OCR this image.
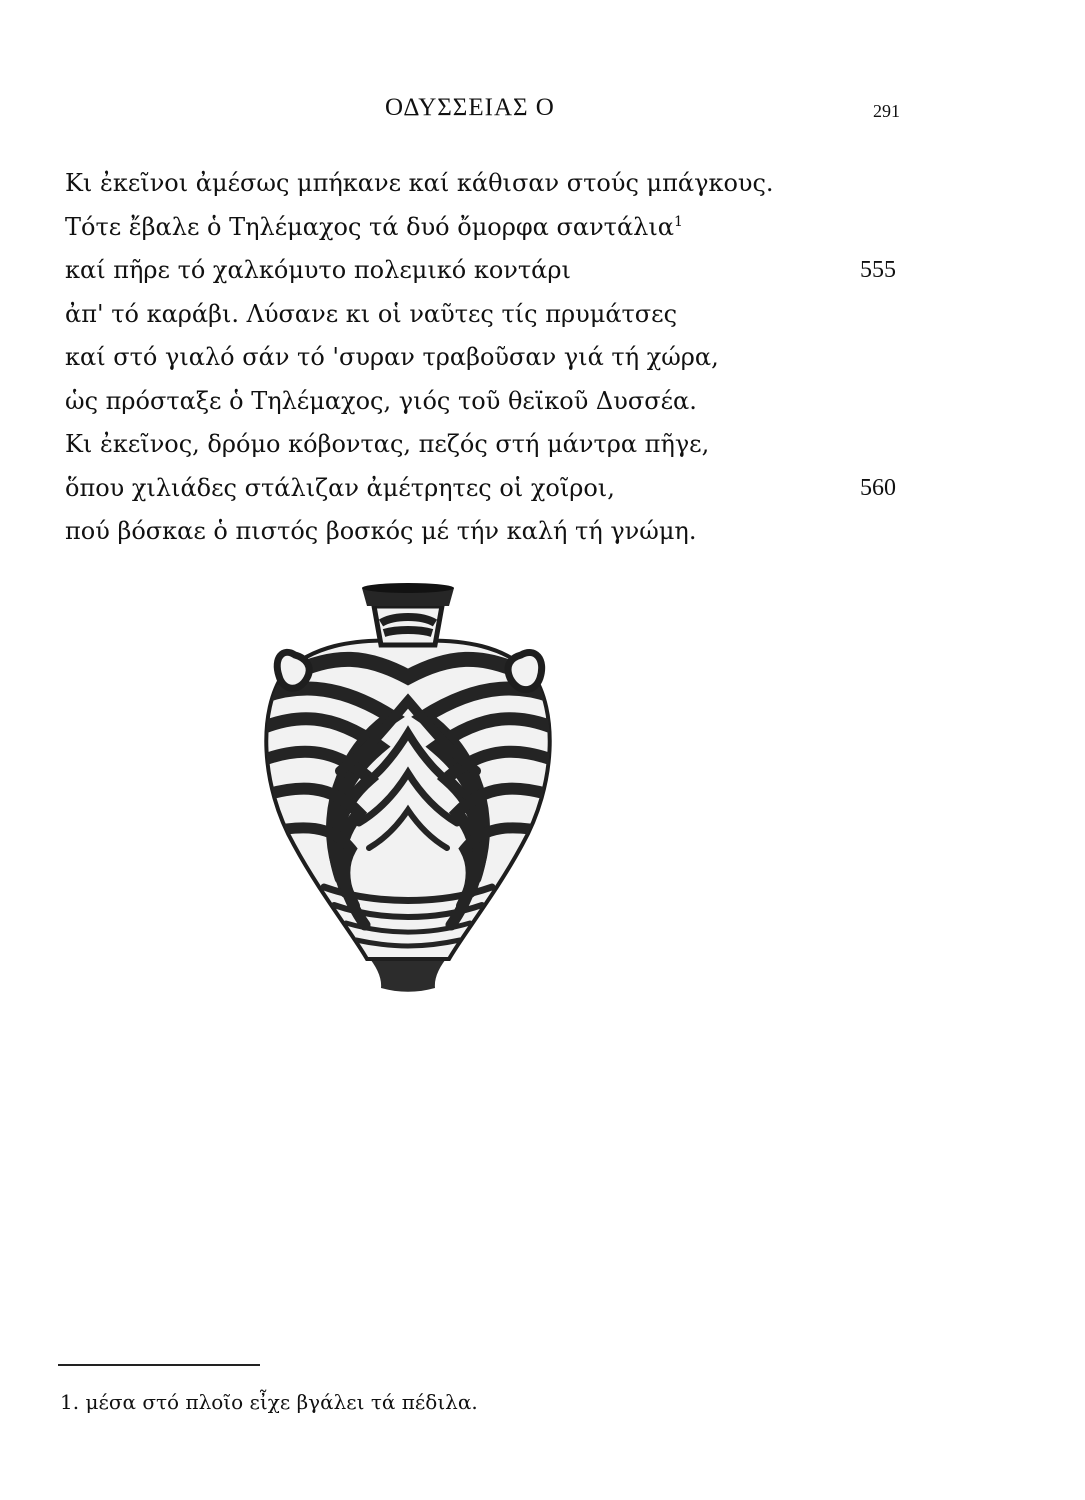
ΟΔΥΣΣΕΙΑΣ Ο	291
Κι ἐκεῖνοι ἀμέσως μπήκανε καί κάθισαν στούς μπάγκους.
Τότε ἔβαλε ὁ Τηλέμαχος τά δυό ὄμορφα σαντάλια$^1$
καί πῆρε τό χαλκόμυτο πολεμικό κοντάρι	555
ἀπ' τό καράβι. Λύσανε κι οἱ ναῦτες τίς πρυμάτσες
καί στό γιαλό σάν τό 'συραν τραβοῦσαν γιά τή χώρα,
ὡς πρόσταξε ὁ Τηλέμαχος, γιός τοῦ θεϊκοῦ Δυσσέα.
Κι ἐκεῖνος, δρόμο κόβοντας, πεζός στή μάντρα πῆγε,
ὅπου χιλιάδες στάλιζαν ἀμέτρητες οἱ χοῖροι,	560
πού βόσκαε ὁ πιστός βοσκός μέ τήν καλή τή γνώμη.
1. μέσα στό πλοῖο εἶχε βγάλει τά πέδιλα.
